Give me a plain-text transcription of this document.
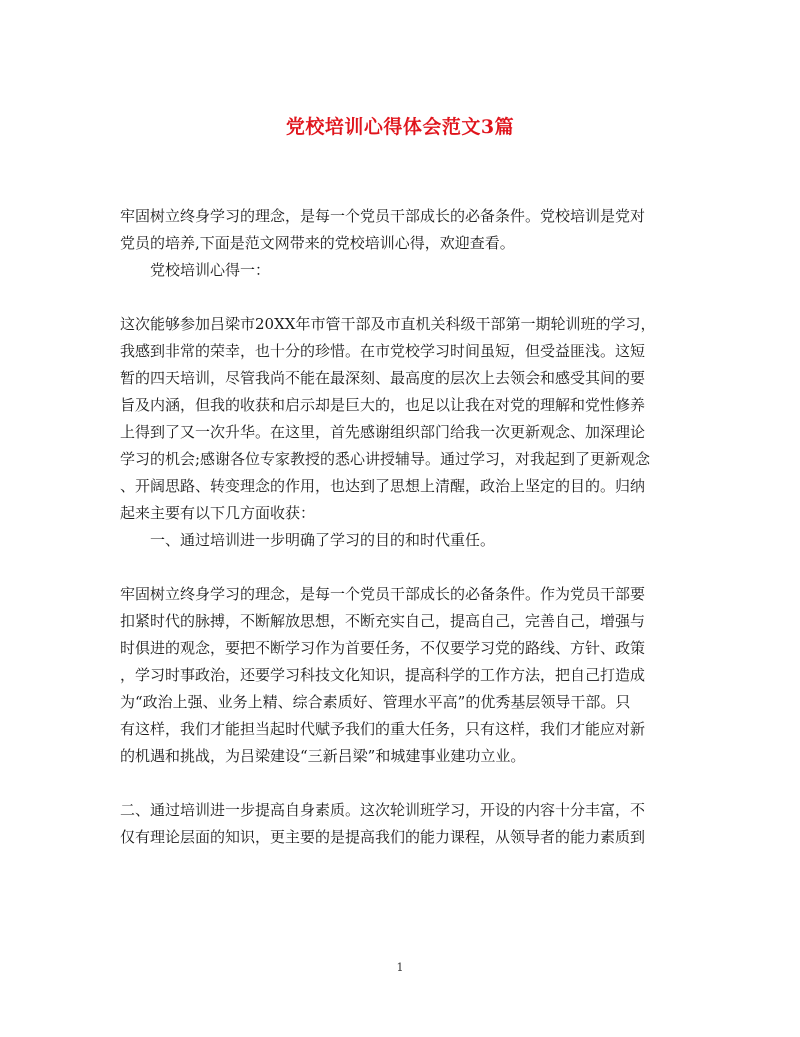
党校培训心得体会范文3篇
牢固树立终身学习的理念，是每一个党员干部成长的必备条件。党校培训是党对
党员的培养,下面是范文网带来的党校培训心得，欢迎查看。
党校培训心得一：
这次能够参加吕梁市20XX年市管干部及市直机关科级干部第一期轮训班的学习，
我感到非常的荣幸，也十分的珍惜。在市党校学习时间虽短，但受益匪浅。这短
暂的四天培训，尽管我尚不能在最深刻、最高度的层次上去领会和感受其间的要
旨及内涵，但我的收获和启示却是巨大的，也足以让我在对党的理解和党性修养
上得到了又一次升华。在这里，首先感谢组织部门给我一次更新观念、加深理论
学习的机会;感谢各位专家教授的悉心讲授辅导。通过学习，对我起到了更新观念
、开阔思路、转变理念的作用，也达到了思想上清醒，政治上坚定的目的。归纳
起来主要有以下几方面收获：
一、通过培训进一步明确了学习的目的和时代重任。
牢固树立终身学习的理念，是每一个党员干部成长的必备条件。作为党员干部要
扣紧时代的脉搏，不断解放思想，不断充实自己，提高自己，完善自己，增强与
时俱进的观念，要把不断学习作为首要任务，不仅要学习党的路线、方针、政策
，学习时事政治，还要学习科技文化知识，提高科学的工作方法，把自己打造成
为“政治上强、业务上精、综合素质好、管理水平高”的优秀基层领导干部。只
有这样，我们才能担当起时代赋予我们的重大任务，只有这样，我们才能应对新
的机遇和挑战，为吕梁建设“三新吕梁”和城建事业建功立业。
二、通过培训进一步提高自身素质。这次轮训班学习，开设的内容十分丰富，不
仅有理论层面的知识，更主要的是提高我们的能力课程，从领导者的能力素质到
1
